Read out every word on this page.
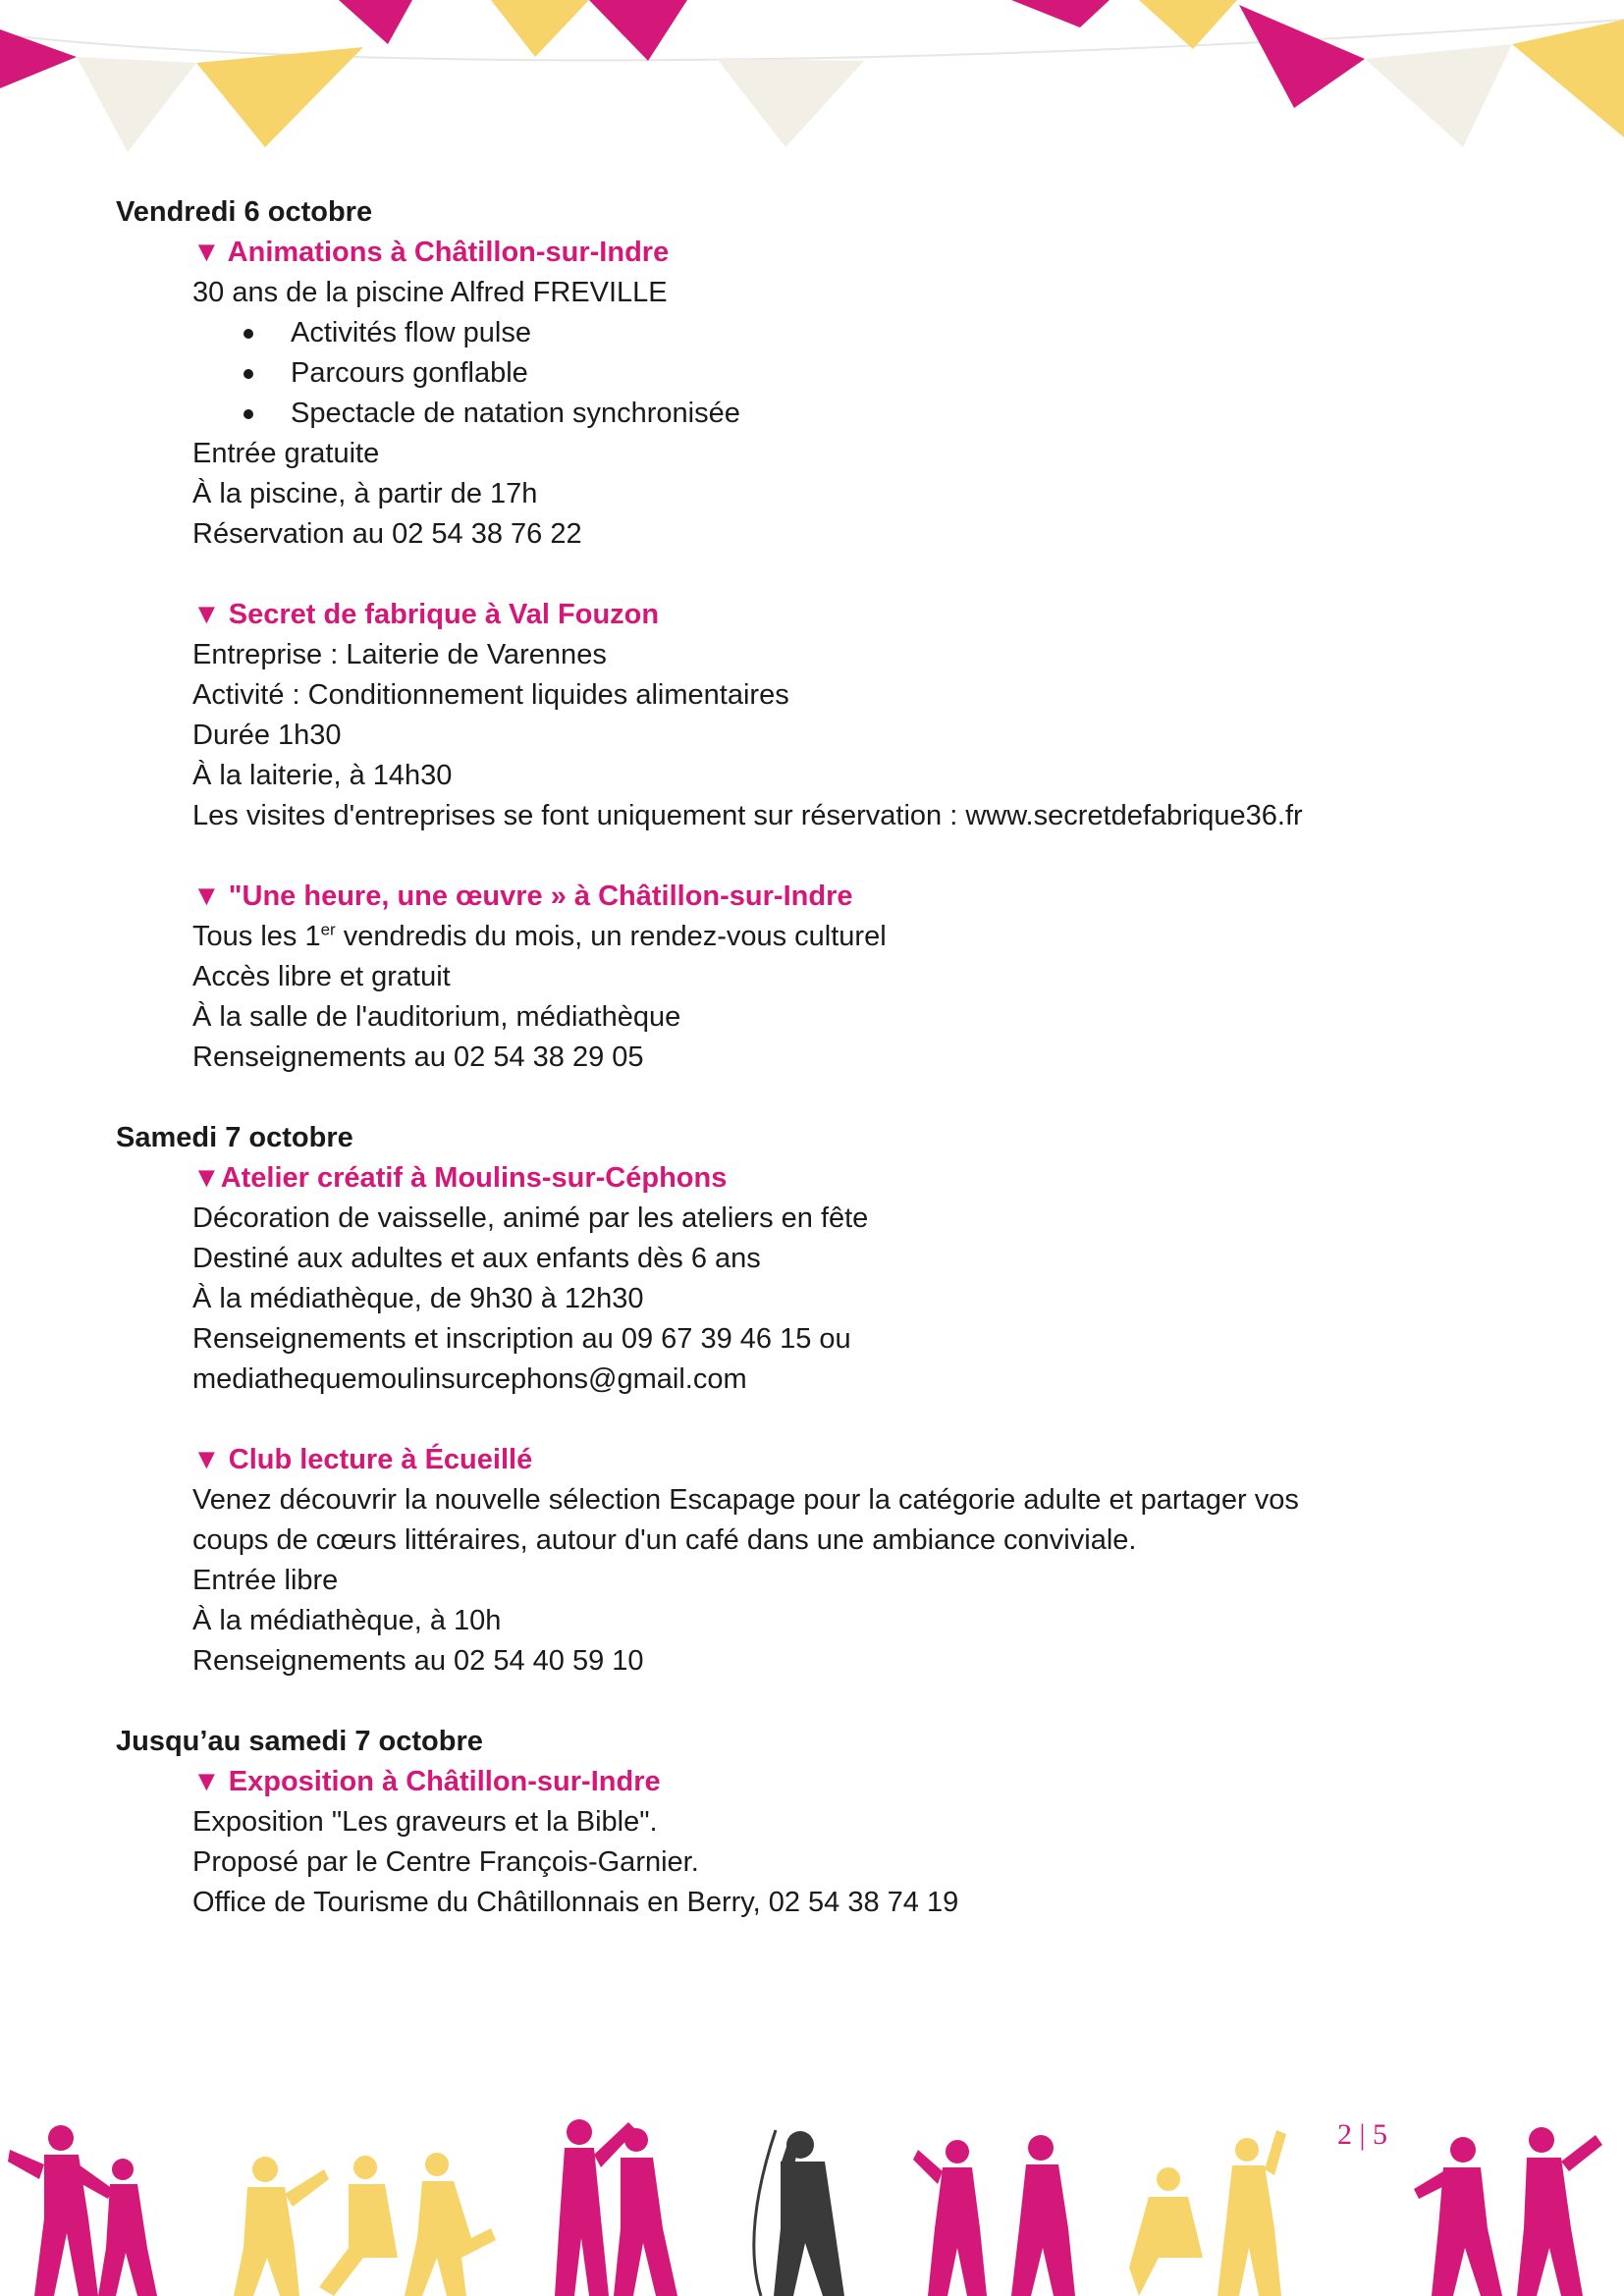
Vendredi 6 octobre

▼ Animations à Châtillon-sur-Indre

30 ans de la piscine Alfred FREVILLE

Activités flow pulse
Parcours gonflable
Spectacle de natation synchronisée

Entrée gratuite

À la piscine, à partir de 17h

Réservation au 02 54 38 76 22

▼ Secret de fabrique à Val Fouzon

Entreprise : Laiterie de Varennes

Activité : Conditionnement liquides alimentaires

Durée 1h30

À la laiterie, à 14h30

Les visites d'entreprises se font uniquement sur réservation : www.secretdefabrique36.fr

▼ "Une heure, une œuvre » à Châtillon-sur-Indre

Tous les 1er vendredis du mois, un rendez-vous culturel

Accès libre et gratuit

À la salle de l'auditorium, médiathèque

Renseignements au 02 54 38 29 05

Samedi 7 octobre

▼Atelier créatif à Moulins-sur-Céphons

Décoration de vaisselle, animé par les ateliers en fête

Destiné aux adultes et aux enfants dès 6 ans

À la médiathèque, de 9h30 à 12h30

Renseignements et inscription au 09 67 39 46 15 ou

mediathequemoulinsurcephons@gmail.com

▼ Club lecture à Écueillé

Venez découvrir la nouvelle sélection Escapage pour la catégorie adulte et partager vos

coups de cœurs littéraires, autour d'un café dans une ambiance conviviale.

Entrée libre

À la médiathèque, à 10h

Renseignements au 02 54 40 59 10

Jusqu’au samedi 7 octobre

▼ Exposition à Châtillon-sur-Indre

Exposition "Les graveurs et la Bible".

Proposé par le Centre François-Garnier.

Office de Tourisme du Châtillonnais en Berry, 02 54 38 74 19

2 | 5
